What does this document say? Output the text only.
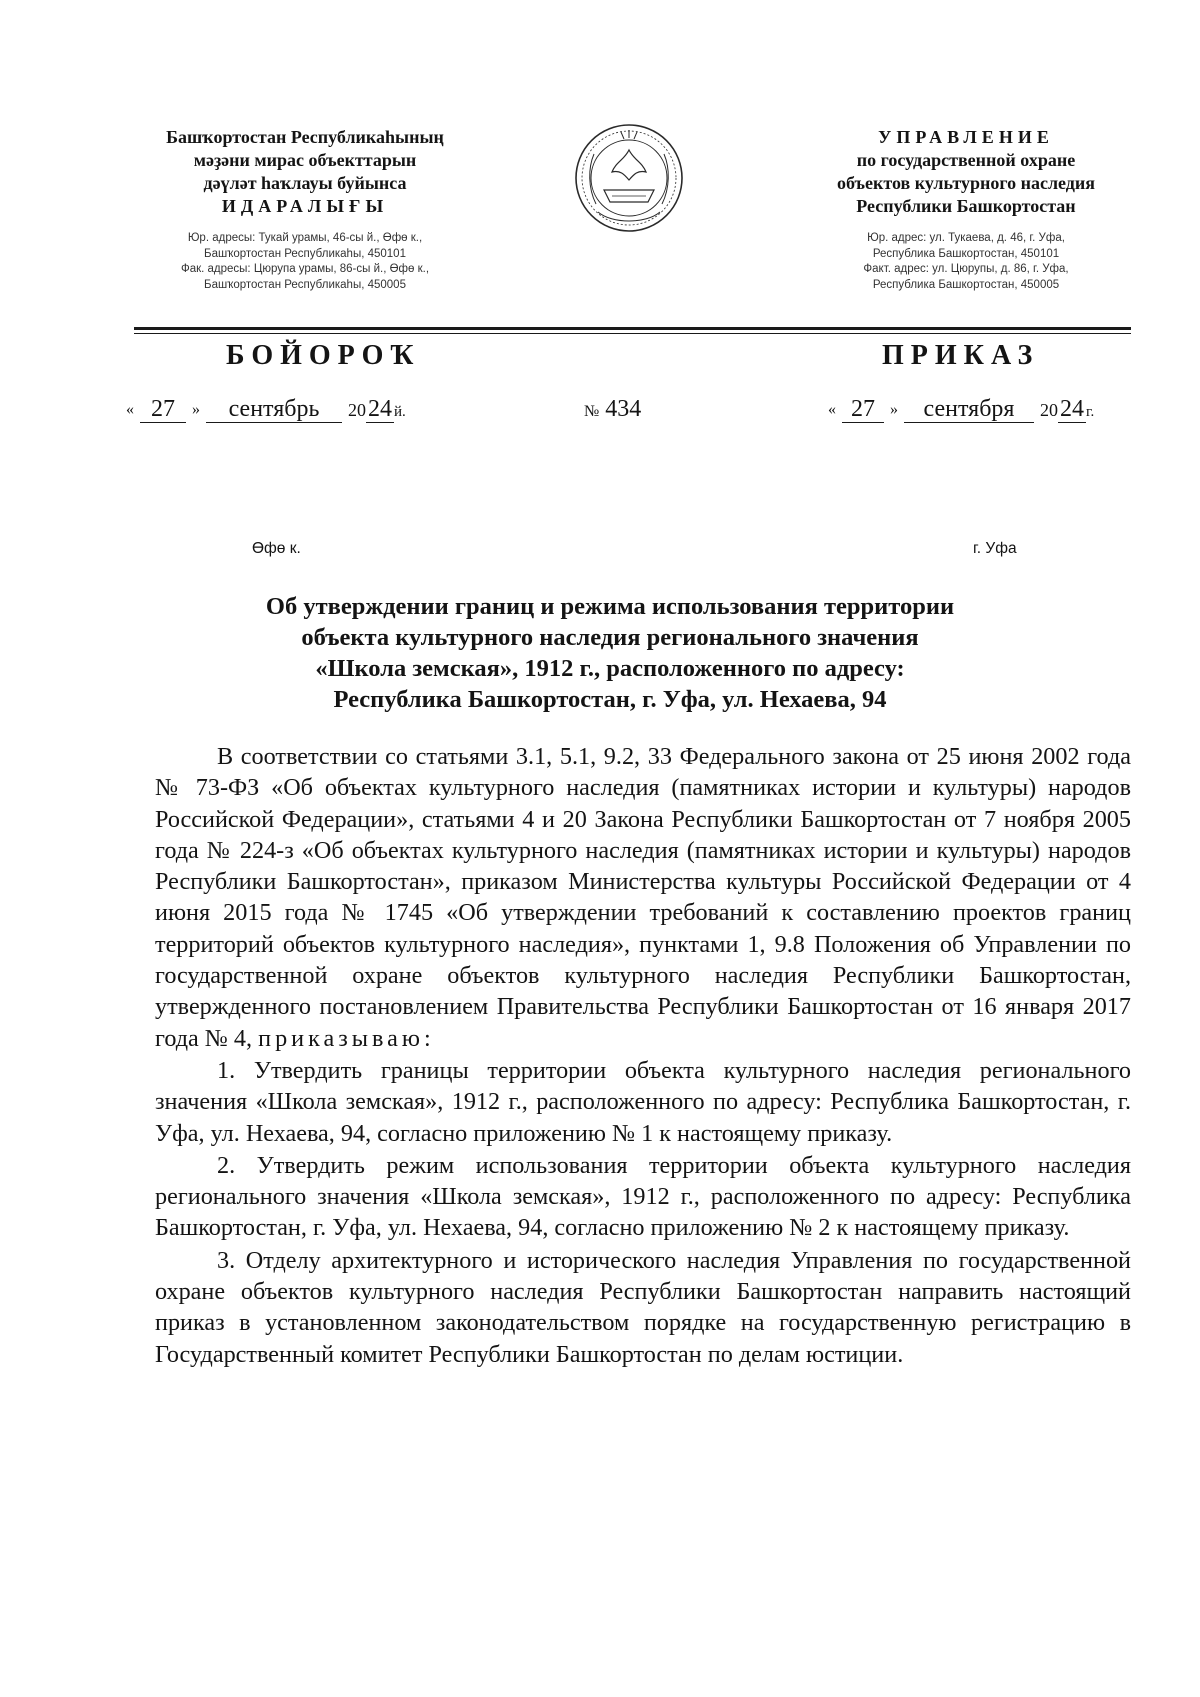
Башҡортостан Республикаһының
мәҙәни мирас объекттарын
дәүләт һаҡлауы буйынса
ИДАРАЛЫҒЫ
Юр. адресы: Тукай урамы, 46-сы й., Өфө к.,
Башҡортостан Республикаһы, 450101
Фак. адресы: Цюрупа урамы, 86-сы й., Өфө к.,
Башҡортостан Республикаһы, 450005
УПРАВЛЕНИЕ
по государственной охране
объектов культурного наследия
Республики Башкортостан
Юр. адрес: ул. Тукаева, д. 46, г. Уфа,
Республика Башкортостан, 450101
Факт. адрес: ул. Цюрупы, д. 86, г. Уфа,
Республика Башкортостан, 450005
БОЙОРОҠ	ПРИКАЗ
« 27 » сентябрь 2024 й.	№ 434	« 27 » сентября 2024 г.
Өфө к.	г. Уфа
Об утверждении границ и режима использования территории
объекта культурного наследия регионального значения
«Школа земская», 1912 г., расположенного по адресу:
Республика Башкортостан, г. Уфа, ул. Нехаева, 94

В соответствии со статьями 3.1, 5.1, 9.2, 33 Федерального закона от 25 июня 2002 года № 73-ФЗ «Об объектах культурного наследия (памятниках истории и культуры) народов Российской Федерации», статьями 4 и 20 Закона Республики Башкортостан от 7 ноября 2005 года № 224-з «Об объектах культурного наследия (памятниках истории и культуры) народов Республики Башкортостан», приказом Министерства культуры Российской Федерации от 4 июня 2015 года № 1745 «Об утверждении требований к составлению проектов границ территорий объектов культурного наследия», пунктами 1, 9.8 Положения об Управлении по государственной охране объектов культурного наследия Республики Башкортостан, утвержденного постановлением Правительства Республики Башкортостан от 16 января 2017 года № 4, приказываю:

1. Утвердить границы территории объекта культурного наследия регионального значения «Школа земская», 1912 г., расположенного по адресу: Республика Башкортостан, г. Уфа, ул. Нехаева, 94, согласно приложению № 1 к настоящему приказу.

2. Утвердить режим использования территории объекта культурного наследия регионального значения «Школа земская», 1912 г., расположенного по адресу: Республика Башкортостан, г. Уфа, ул. Нехаева, 94, согласно приложению № 2 к настоящему приказу.

3. Отделу архитектурного и исторического наследия Управления по государственной охране объектов культурного наследия Республики Башкортостан направить настоящий приказ в установленном законодательством порядке на государственную регистрацию в Государственный комитет Республики Башкортостан по делам юстиции.
